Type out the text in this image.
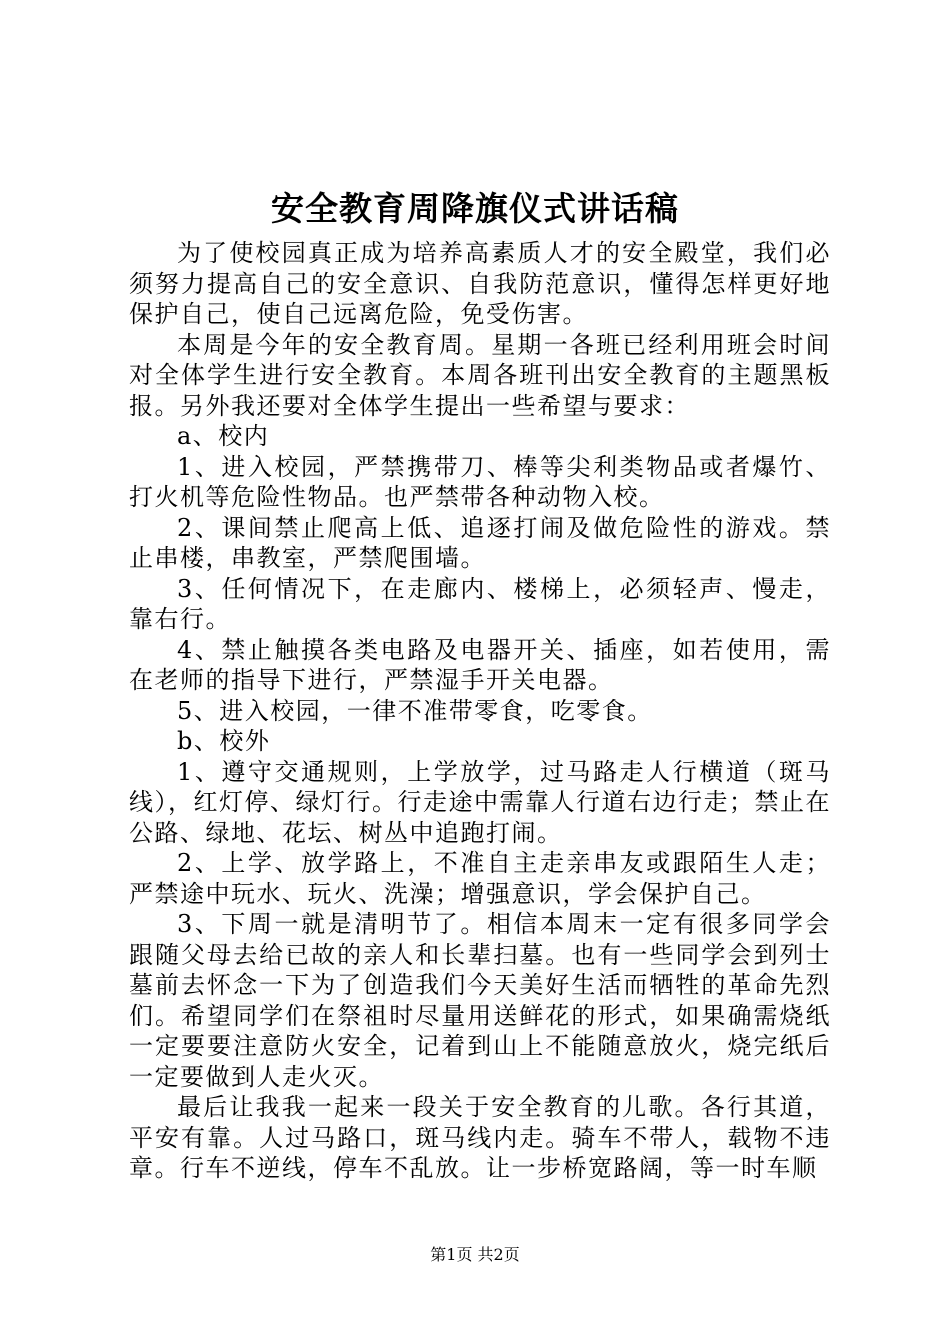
安全教育周降旗仪式讲话稿

为了使校园真正成为培养高素质人才的安全殿堂，我们必须努力提高自己的安全意识、自我防范意识，懂得怎样更好地保护自己，使自己远离危险，免受伤害。

本周是今年的安全教育周。星期一各班已经利用班会时间对全体学生进行安全教育。本周各班刊出安全教育的主题黑板报。另外我还要对全体学生提出一些希望与要求：

a、校内

1、进入校园，严禁携带刀、棒等尖利类物品或者爆竹、打火机等危险性物品。也严禁带各种动物入校。

2、课间禁止爬高上低、追逐打闹及做危险性的游戏。禁止串楼，串教室，严禁爬围墙。

3、任何情况下，在走廊内、楼梯上，必须轻声、慢走，靠右行。

4、禁止触摸各类电路及电器开关、插座，如若使用，需在老师的指导下进行，严禁湿手开关电器。

5、进入校园，一律不准带零食，吃零食。

b、校外

1、遵守交通规则，上学放学，过马路走人行横道（斑马线），红灯停、绿灯行。行走途中需靠人行道右边行走；禁止在公路、绿地、花坛、树丛中追跑打闹。

2、上学、放学路上，不准自主走亲串友或跟陌生人走；严禁途中玩水、玩火、洗澡；增强意识，学会保护自己。

3、下周一就是清明节了。相信本周末一定有很多同学会跟随父母去给已故的亲人和长辈扫墓。也有一些同学会到列士墓前去怀念一下为了创造我们今天美好生活而牺牲的革命先烈们。希望同学们在祭祖时尽量用送鲜花的形式，如果确需烧纸一定要要注意防火安全，记着到山上不能随意放火，烧完纸后一定要做到人走火灭。

最后让我我一起来一段关于安全教育的儿歌。各行其道，平安有靠。人过马路口，斑马线内走。骑车不带人，载物不违章。行车不逆线，停车不乱放。让一步桥宽路阔，等一时车顺

第1页 共2页
